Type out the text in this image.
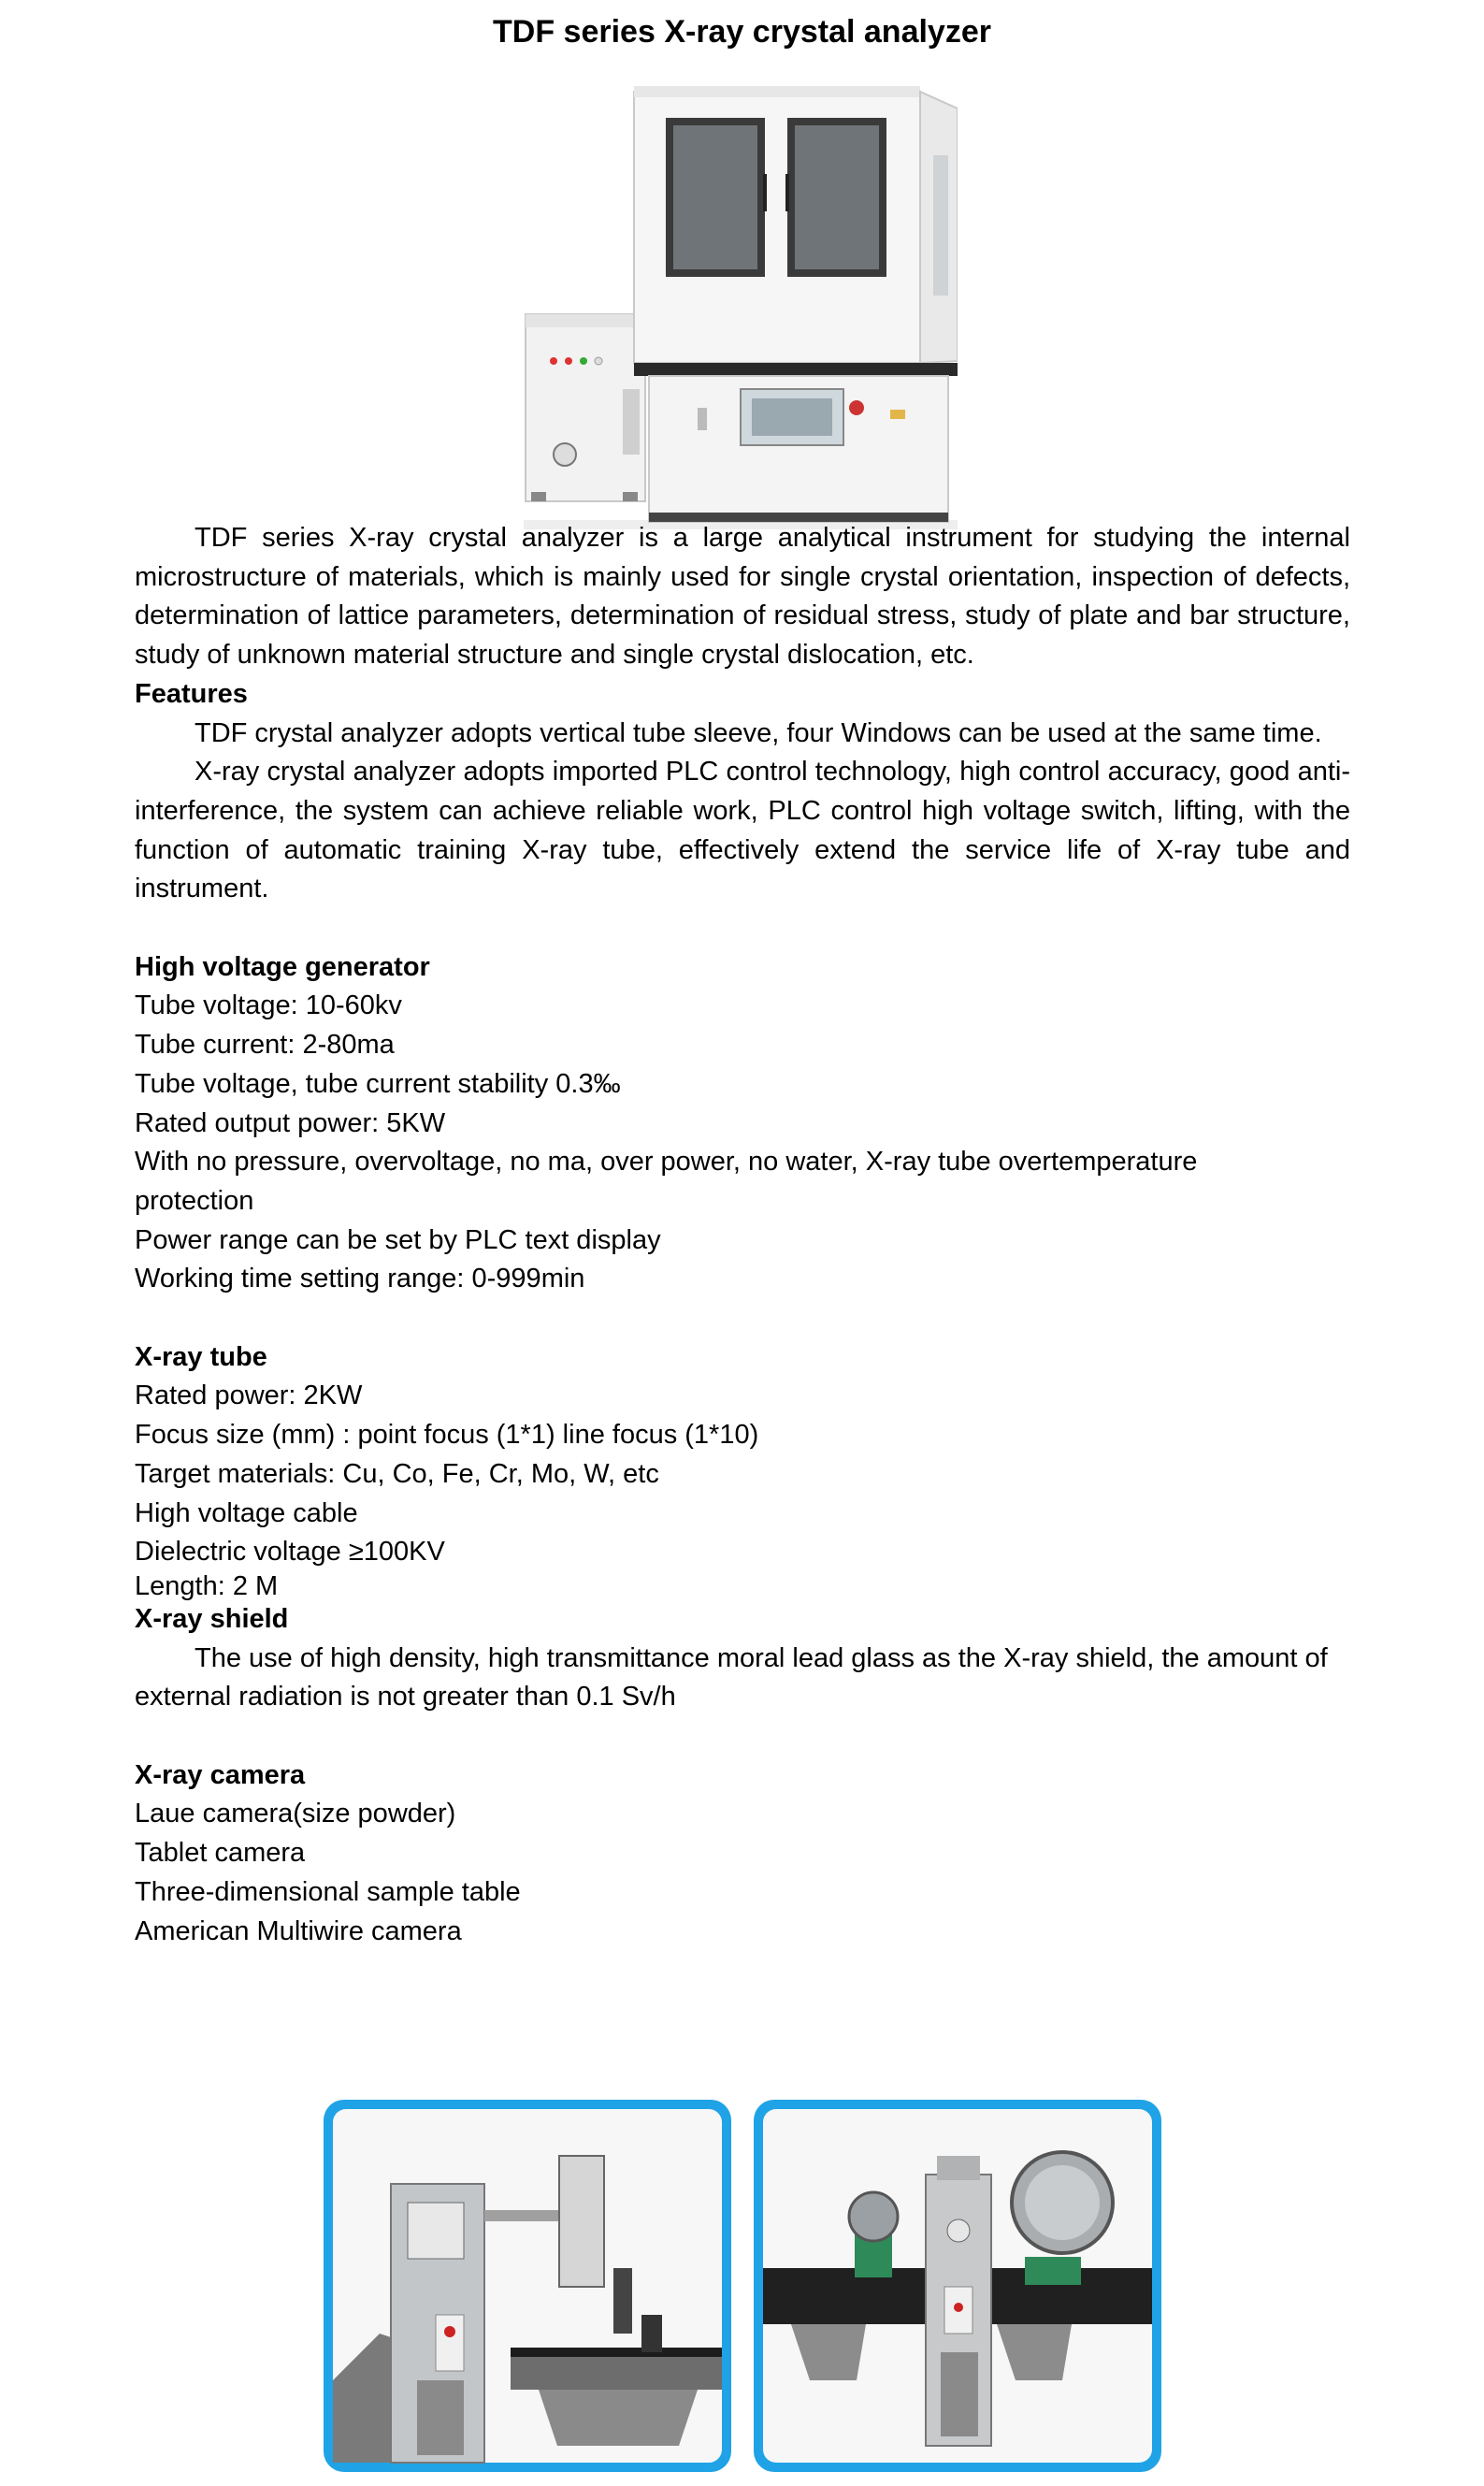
TDF series X-ray crystal analyzer

TDF series X-ray crystal analyzer is a large analytical instrument for studying the internal microstructure of materials, which is mainly used for single crystal orientation, inspection of defects, determination of lattice parameters, determination of residual stress, study of plate and bar structure, study of unknown material structure and single crystal dislocation, etc.

Features

TDF crystal analyzer adopts vertical tube sleeve, four Windows can be used at the same time.

X-ray crystal analyzer adopts imported PLC control technology, high control accuracy, good anti-interference, the system can achieve reliable work, PLC control high voltage switch, lifting, with the function of automatic training X-ray tube, effectively extend the service life of X-ray tube and instrument.

High voltage generator

Tube voltage: 10-60kv

Tube current: 2-80ma

Tube voltage, tube current stability 0.3‰

Rated output power: 5KW

With no pressure, overvoltage, no ma, over power, no water, X-ray tube overtemperature protection

Power range can be set by PLC text display

Working time setting range: 0-999min

X-ray tube

Rated power: 2KW

Focus size (mm) : point focus (1*1) line focus (1*10)

Target materials: Cu, Co, Fe, Cr, Mo, W, etc

High voltage cable

Dielectric voltage ≥100KV

Length: 2 M

X-ray shield

The use of high density, high transmittance moral lead glass as the X-ray shield, the amount of external radiation is not greater than 0.1 Sv/h

X-ray camera

Laue camera(size powder)

Tablet camera

Three-dimensional sample table

American Multiwire camera
